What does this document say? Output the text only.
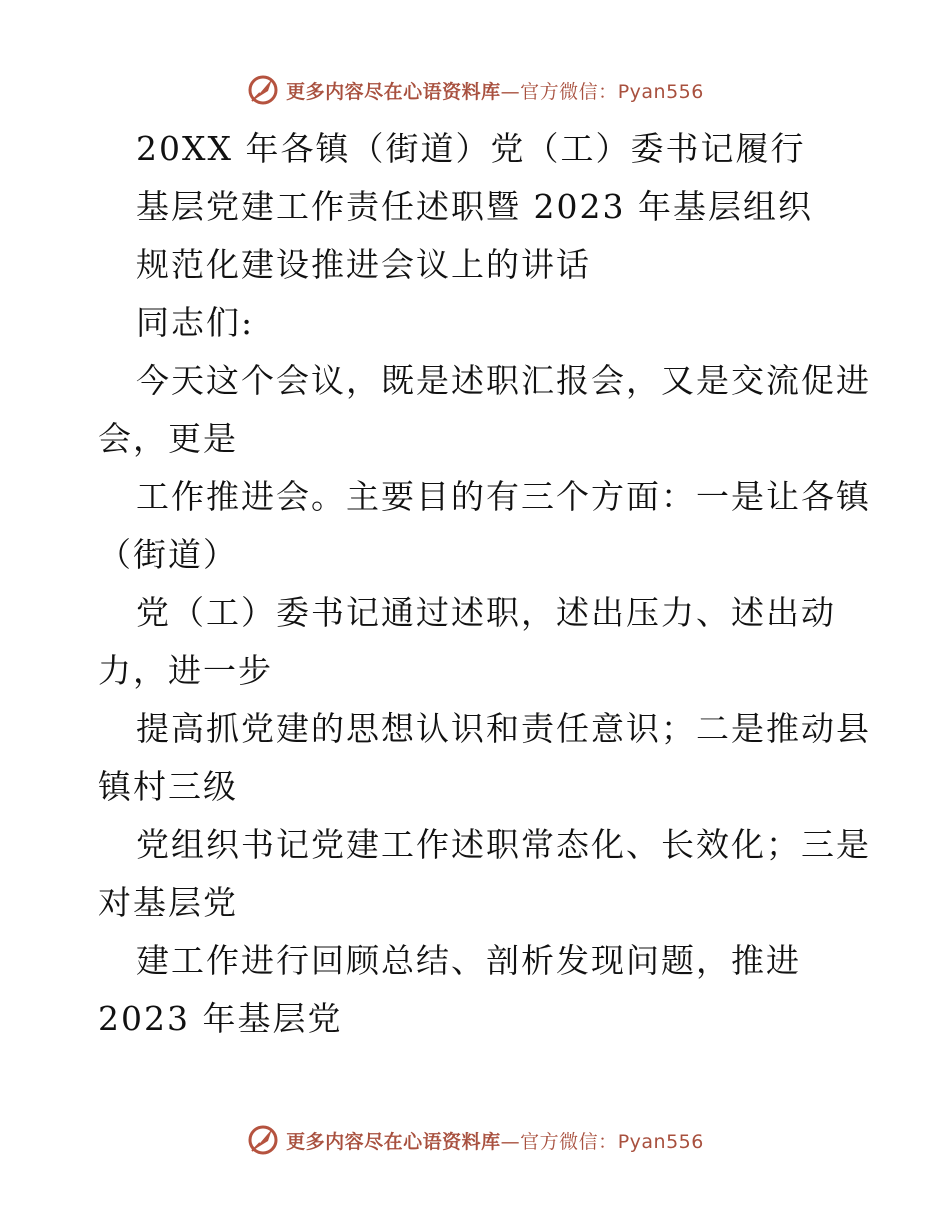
更多内容尽在心语资料库—官方微信：Pyan556
20XX 年各镇（街道）党（工）委书记履行
基层党建工作责任述职暨 2023 年基层组织
规范化建设推进会议上的讲话
同志们:
今天这个会议，既是述职汇报会，又是交流促进
会，更是
工作推进会。主要目的有三个方面：一是让各镇
（街道）
党（工）委书记通过述职，述出压力、述出动
力，进一步
提高抓党建的思想认识和责任意识；二是推动县
镇村三级
党组织书记党建工作述职常态化、长效化；三是
对基层党
建工作进行回顾总结、剖析发现问题，推进
2023 年基层党
更多内容尽在心语资料库—官方微信：Pyan556
